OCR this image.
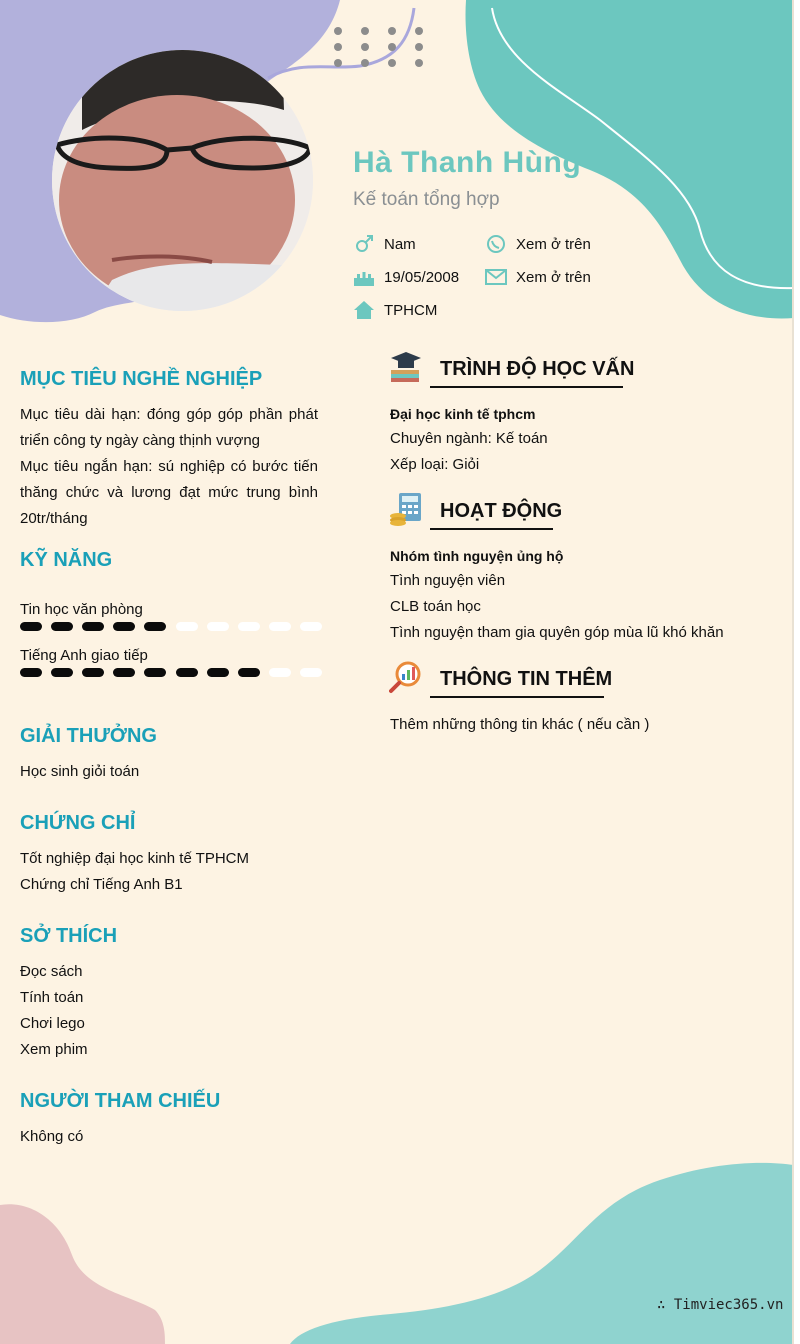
Hà Thanh Hùng
Kế toán tổng hợp
Nam
19/05/2008
TPHCM
Xem ở trên
Xem ở trên
MỤC TIÊU NGHỀ NGHIỆP
Mục tiêu dài hạn: đóng góp góp phần phát triển công ty ngày càng thịnh vượng
Mục tiêu ngắn hạn: sú nghiệp có bước tiến thăng chức và lương đạt mức trung bình 20tr/tháng
KỸ NĂNG
Tin học văn phòng
Tiếng Anh giao tiếp
GIẢI THƯỞNG
Học sinh giỏi toán
CHỨNG CHỈ
Tốt nghiệp đại học kinh tế TPHCM
Chứng chỉ Tiếng Anh B1
SỞ THÍCH
Đọc sách
Tính toán
Chơi lego
Xem phim
NGƯỜI THAM CHIẾU
Không có
TRÌNH ĐỘ HỌC VẤN
Đại học kinh tế tphcm
Chuyên ngành: Kế toán
Xếp loại: Giỏi
HOẠT ĐỘNG
Nhóm tình nguyện ủng hộ
Tình nguyện viên
CLB toán học
Tình nguyện tham gia quyên góp mùa lũ khó khăn
THÔNG TIN THÊM
Thêm những thông tin khác ( nếu cần )
∴ Timviec365.vn
